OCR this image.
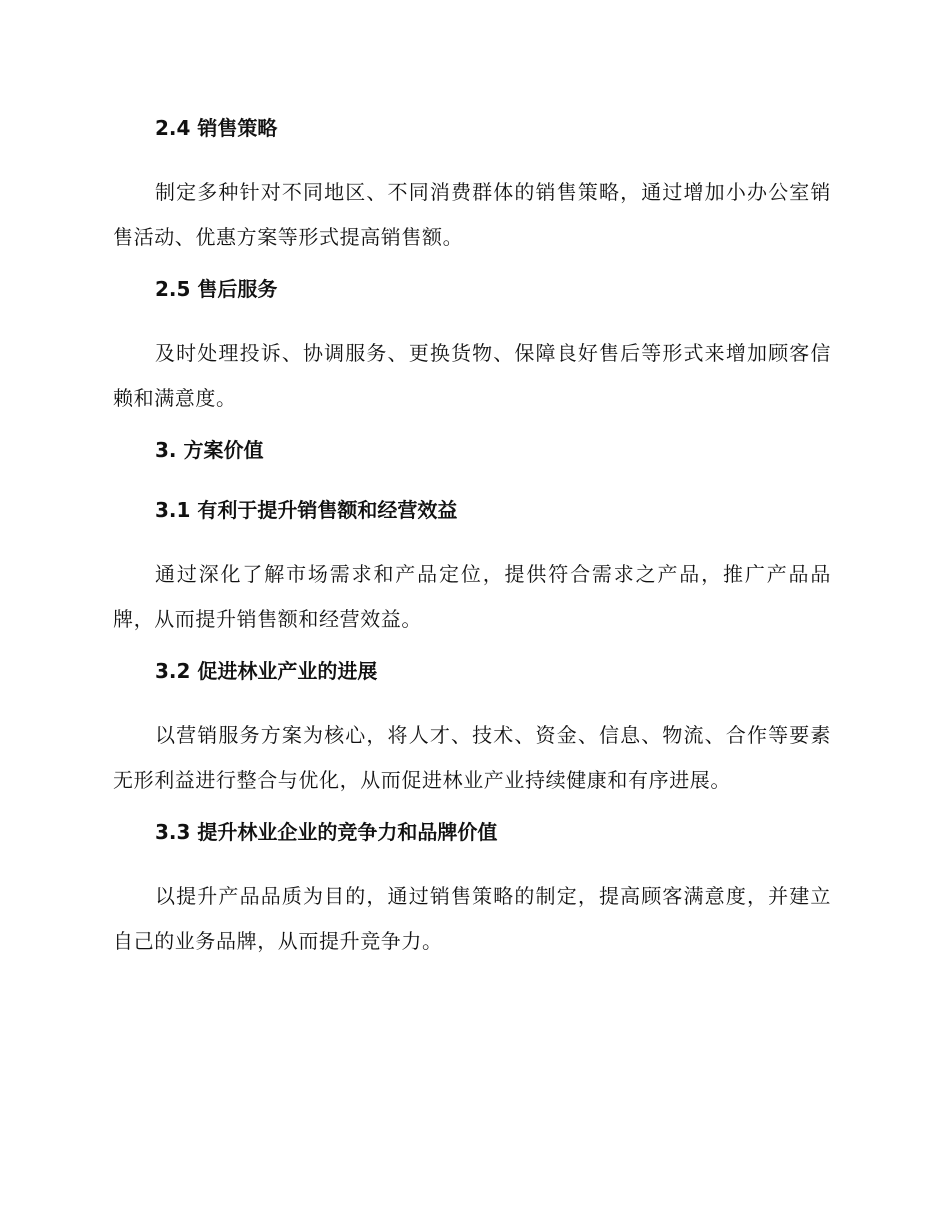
2.4 销售策略

制定多种针对不同地区、不同消费群体的销售策略，通过增加小办公室销售活动、优惠方案等形式提高销售额。

2.5 售后服务

及时处理投诉、协调服务、更换货物、保障良好售后等形式来增加顾客信赖和满意度。

3. 方案价值
3.1 有利于提升销售额和经营效益

通过深化了解市场需求和产品定位，提供符合需求之产品，推广产品品牌，从而提升销售额和经营效益。

3.2 促进林业产业的进展

以营销服务方案为核心，将人才、技术、资金、信息、物流、合作等要素无形利益进行整合与优化，从而促进林业产业持续健康和有序进展。

3.3 提升林业企业的竞争力和品牌价值

以提升产品品质为目的，通过销售策略的制定，提高顾客满意度，并建立自己的业务品牌，从而提升竞争力。
